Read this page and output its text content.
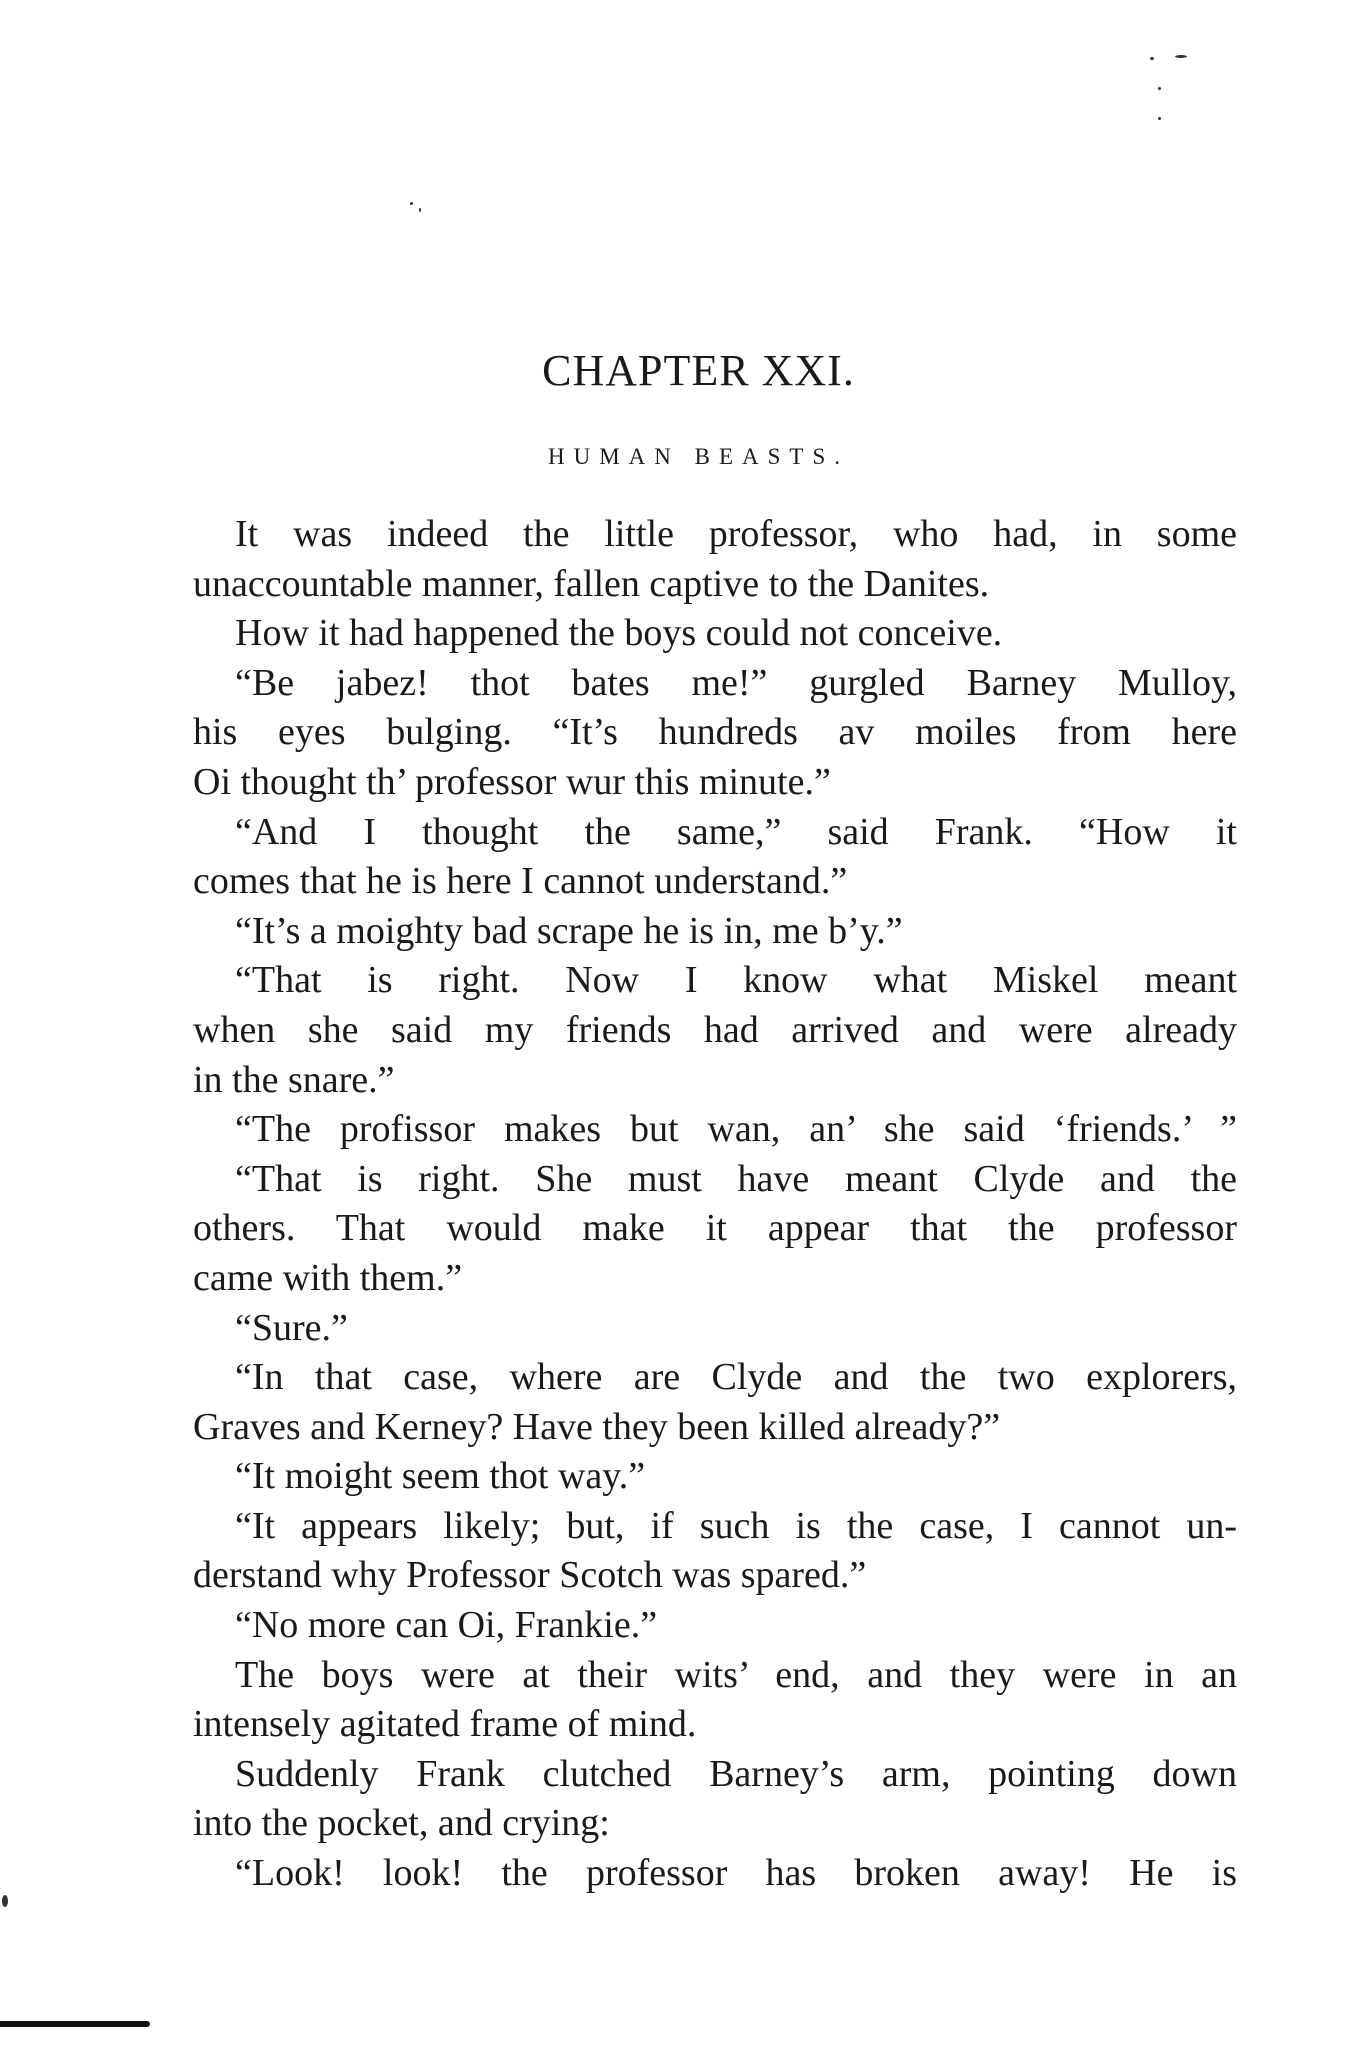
CHAPTER XXI.
HUMAN BEASTS.
It was indeed the little professor, who had, in some
unaccountable manner, fallen captive to the Danites.
How it had happened the boys could not conceive.
“Be jabez! thot bates me!” gurgled Barney Mulloy,
his eyes bulging. “It’s hundreds av moiles from here
Oi thought th’ professor wur this minute.”
“And I thought the same,” said Frank. “How it
comes that he is here I cannot understand.”
“It’s a moighty bad scrape he is in, me b’y.”
“That is right. Now I know what Miskel meant
when she said my friends had arrived and were already
in the snare.”
“The profissor makes but wan, an’ she said ‘friends.’ ”
“That is right. She must have meant Clyde and the
others. That would make it appear that the professor
came with them.”
“Sure.”
“In that case, where are Clyde and the two explorers,
Graves and Kerney? Have they been killed already?”
“It moight seem thot way.”
“It appears likely; but, if such is the case, I cannot un-
derstand why Professor Scotch was spared.”
“No more can Oi, Frankie.”
The boys were at their wits’ end, and they were in an
intensely agitated frame of mind.
Suddenly Frank clutched Barney’s arm, pointing down
into the pocket, and crying:
“Look! look! the professor has broken away! He is
